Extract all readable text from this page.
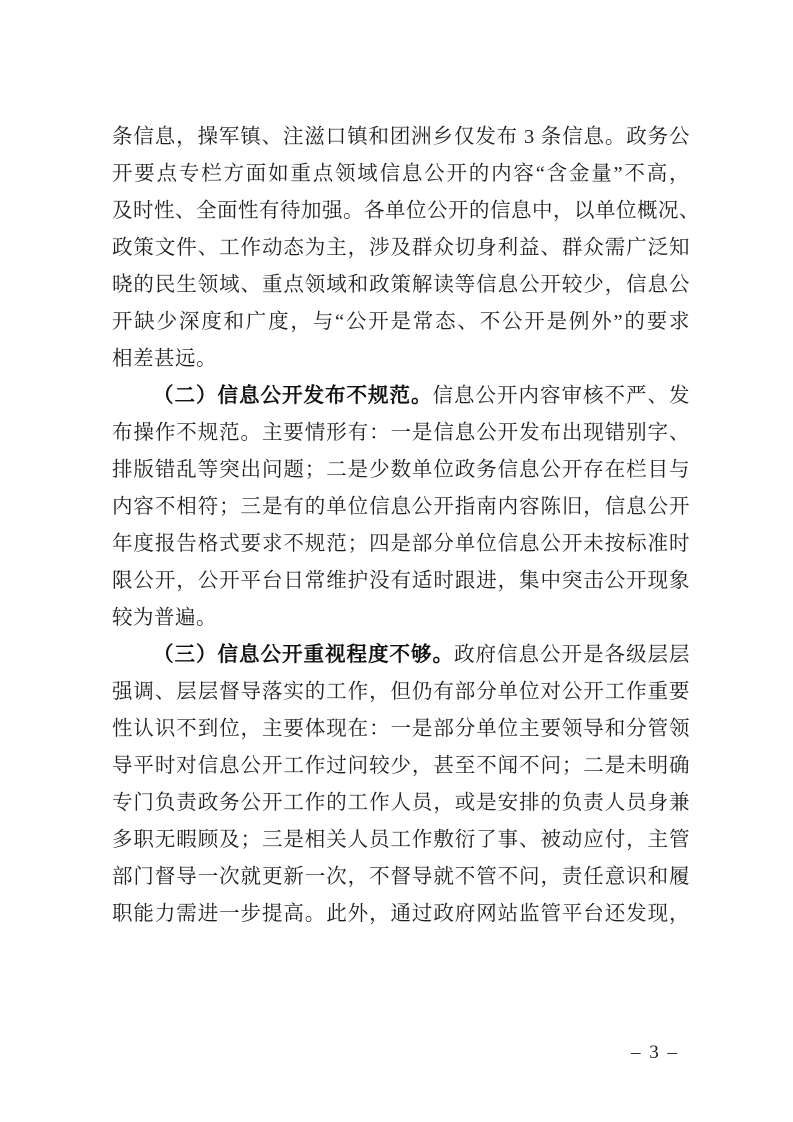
条信息，操军镇、注滋口镇和团洲乡仅发布 3 条信息。政务公
开要点专栏方面如重点领域信息公开的内容“含金量”不高，
及时性、全面性有待加强。各单位公开的信息中，以单位概况、
政策文件、工作动态为主，涉及群众切身利益、群众需广泛知
晓的民生领域、重点领域和政策解读等信息公开较少，信息公
开缺少深度和广度，与“公开是常态、不公开是例外”的要求
相差甚远。
（二）信息公开发布不规范。信息公开内容审核不严、发
布操作不规范。主要情形有：一是信息公开发布出现错别字、
排版错乱等突出问题；二是少数单位政务信息公开存在栏目与
内容不相符；三是有的单位信息公开指南内容陈旧，信息公开
年度报告格式要求不规范；四是部分单位信息公开未按标准时
限公开，公开平台日常维护没有适时跟进，集中突击公开现象
较为普遍。
（三）信息公开重视程度不够。政府信息公开是各级层层
强调、层层督导落实的工作，但仍有部分单位对公开工作重要
性认识不到位，主要体现在：一是部分单位主要领导和分管领
导平时对信息公开工作过问较少，甚至不闻不问；二是未明确
专门负责政务公开工作的工作人员，或是安排的负责人员身兼
多职无暇顾及；三是相关人员工作敷衍了事、被动应付，主管
部门督导一次就更新一次，不督导就不管不问，责任意识和履
职能力需进一步提高。此外，通过政府网站监管平台还发现，
– 3 –
